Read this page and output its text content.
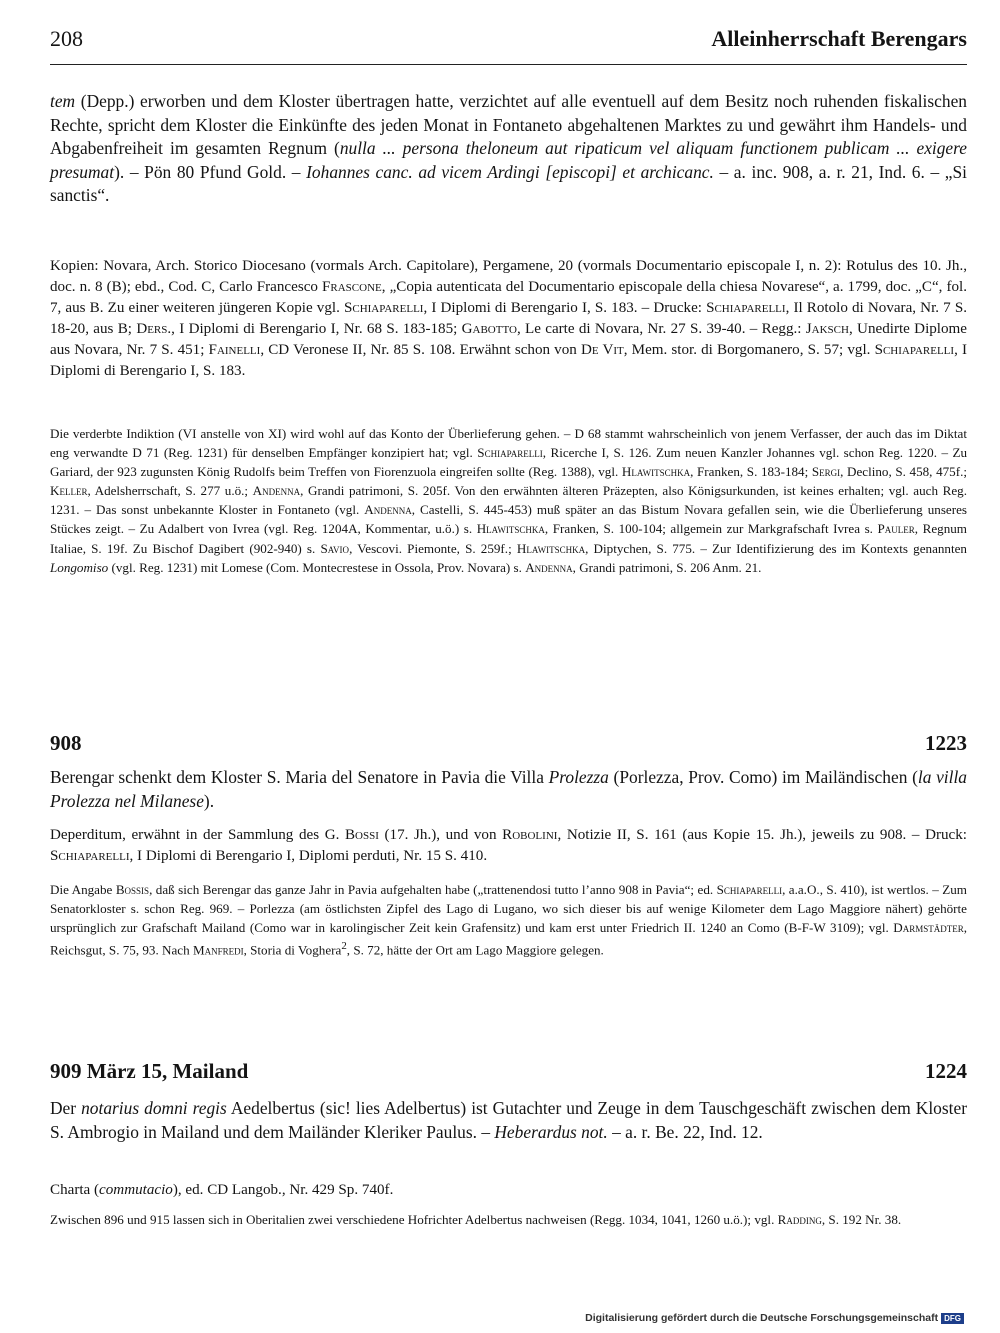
208	Alleinherrschaft Berengars
tem (Depp.) erworben und dem Kloster übertragen hatte, verzichtet auf alle eventuell auf dem Besitz noch ruhenden fiskalischen Rechte, spricht dem Kloster die Einkünfte des jeden Monat in Fontaneto abgehaltenen Marktes zu und gewährt ihm Handels- und Abgabenfreiheit im gesamten Regnum (nulla ... persona theloneum aut ripaticum vel aliquam functionem publicam ... exigere presumat). – Pön 80 Pfund Gold. – Iohannes canc. ad vicem Ardingi [episcopi] et archicanc. – a. inc. 908, a. r. 21, Ind. 6. – „Si sanctis“.
Kopien: Novara, Arch. Storico Diocesano (vormals Arch. Capitolare), Pergamene, 20 (vormals Documentario episcopale I, n. 2): Rotulus des 10. Jh., doc. n. 8 (B); ebd., Cod. C, Carlo Francesco Frascone, „Copia autenticata del Documentario episcopale della chiesa Novarese“, a. 1799, doc. „C“, fol. 7, aus B. Zu einer weiteren jüngeren Kopie vgl. Schiaparelli, I Diplomi di Berengario I, S. 183. – Drucke: Schiaparelli, Il Rotolo di Novara, Nr. 7 S. 18-20, aus B; Ders., I Diplomi di Berengario I, Nr. 68 S. 183-185; Gabotto, Le carte di Novara, Nr. 27 S. 39-40. – Regg.: Jaksch, Unedirte Diplome aus Novara, Nr. 7 S. 451; Fainelli, CD Veronese II, Nr. 85 S. 108. Erwähnt schon von De Vit, Mem. stor. di Borgomanero, S. 57; vgl. Schiaparelli, I Diplomi di Berengario I, S. 183.
Die verderbte Indiktion (VI anstelle von XI) wird wohl auf das Konto der Überlieferung gehen. – D 68 stammt wahrscheinlich von jenem Verfasser, der auch das im Diktat eng verwandte D 71 (Reg. 1231) für denselben Empfänger konzipiert hat; vgl. Schiaparelli, Ricerche I, S. 126. Zum neuen Kanzler Johannes vgl. schon Reg. 1220. – Zu Gariard, der 923 zugunsten König Rudolfs beim Treffen von Fiorenzuola eingreifen sollte (Reg. 1388), vgl. Hlawitschka, Franken, S. 183-184; Sergi, Declino, S. 458, 475f.; Keller, Adelsherrschaft, S. 277 u.ö.; Andenna, Grandi patrimoni, S. 205f. Von den erwähnten älteren Präzepten, also Königsurkunden, ist keines erhalten; vgl. auch Reg. 1231. – Das sonst unbekannte Kloster in Fontaneto (vgl. Andenna, Castelli, S. 445-453) muß später an das Bistum Novara gefallen sein, wie die Überlieferung unseres Stückes zeigt. – Zu Adalbert von Ivrea (vgl. Reg. 1204A, Kommentar, u.ö.) s. Hlawitschka, Franken, S. 100-104; allgemein zur Markgrafschaft Ivrea s. Pauler, Regnum Italiae, S. 19f. Zu Bischof Dagibert (902-940) s. Savio, Vescovi. Piemonte, S. 259f.; Hlawitschka, Diptychen, S. 775. – Zur Identifizierung des im Kontexts genannten Longomiso (vgl. Reg. 1231) mit Lomese (Com. Montecrestese in Ossola, Prov. Novara) s. Andenna, Grandi patrimoni, S. 206 Anm. 21.
908	1223
Berengar schenkt dem Kloster S. Maria del Senatore in Pavia die Villa Prolezza (Porlezza, Prov. Como) im Mailändischen (la villa Prolezza nel Milanese).
Deperditum, erwähnt in der Sammlung des G. Bossi (17. Jh.), und von Robolini, Notizie II, S. 161 (aus Kopie 15. Jh.), jeweils zu 908. – Druck: Schiaparelli, I Diplomi di Berengario I, Diplomi perduti, Nr. 15 S. 410.
Die Angabe Bossis, daß sich Berengar das ganze Jahr in Pavia aufgehalten habe („trattenendosi tutto l’anno 908 in Pavia“; ed. Schiaparelli, a.a.O., S. 410), ist wertlos. – Zum Senatorkloster s. schon Reg. 969. – Porlezza (am östlichsten Zipfel des Lago di Lugano, wo sich dieser bis auf wenige Kilometer dem Lago Maggiore nähert) gehörte ursprünglich zur Grafschaft Mailand (Como war in karolingischer Zeit kein Grafensitz) und kam erst unter Friedrich II. 1240 an Como (B-F-W 3109); vgl. Darmstädter, Reichsgut, S. 75, 93. Nach Manfredi, Storia di Voghera$^2$, S. 72, hätte der Ort am Lago Maggiore gelegen.
909 März 15, Mailand	1224
Der notarius domni regis Aedelbertus (sic! lies Adelbertus) ist Gutachter und Zeuge in dem Tauschgeschäft zwischen dem Kloster S. Ambrogio in Mailand und dem Mailänder Kleriker Paulus. – Heberardus not. – a. r. Be. 22, Ind. 12.
Charta (commutacio), ed. CD Langob., Nr. 429 Sp. 740f.
Zwischen 896 und 915 lassen sich in Oberitalien zwei verschiedene Hofrichter Adelbertus nachweisen (Regg. 1034, 1041, 1260 u.ö.); vgl. Radding, S. 192 Nr. 38.
Digitalisierung gefördert durch die Deutsche Forschungsgemeinschaft DFG
